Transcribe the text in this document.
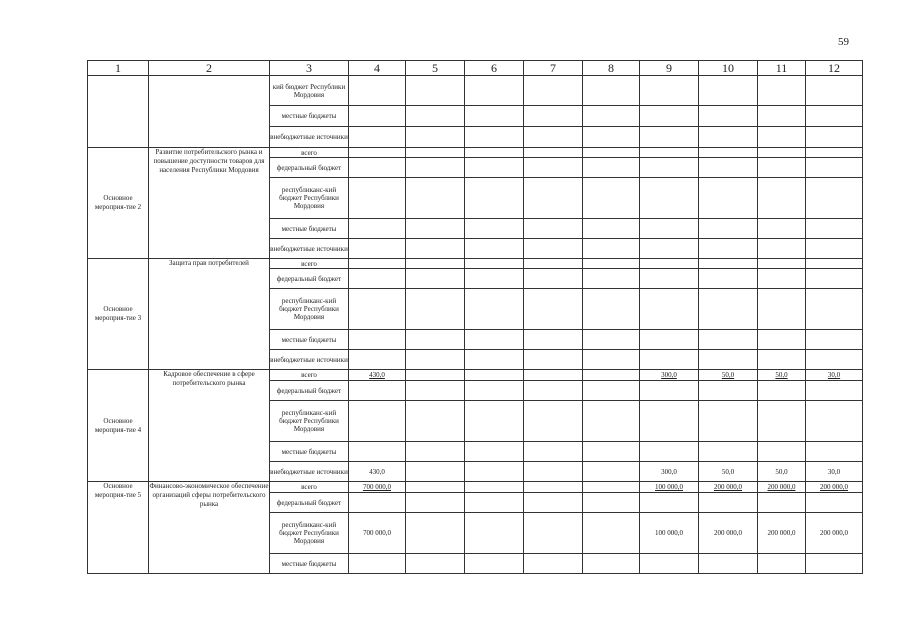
59
1	2	3	4	5	6	7	8	9	10	11	12
		кий бюджет Республики Мордовия									
		местные бюджеты									
		внебюджетные источники									
Основное мероприя-тие 2	Развитие потребительского рынка и повышение доступности товаров для населения Республики Мордовия	всего									
		федеральный бюджет									
		республиканс-кий бюджет Республики Мордовия									
		местные бюджеты									
		внебюджетные источники									
Основное мероприя-тие 3	Защита прав потребителей	всего									
		федеральный бюджет									
		республиканс-кий бюджет Республики Мордовия									
		местные бюджеты									
		внебюджетные источники									
Основное мероприя-тие 4	Кадровое обеспечение в сфере потребительского рынка	всего	430,0					300,0	50,0	50,0	30,0
		федеральный бюджет									
		республиканс-кий бюджет Республики Мордовия									
		местные бюджеты									
		внебюджетные источники	430,0					300,0	50,0	50,0	30,0
Основное мероприя-тие 5	Финансово-экономическое обеспечение организаций сферы потребительского рынка	всего	700 000,0					100 000,0	200 000,0	200 000,0	200 000,0
		федеральный бюджет									
		республиканс-кий бюджет Республики Мордовия	700 000,0					100 000,0	200 000,0	200 000,0	200 000,0
		местные бюджеты									
